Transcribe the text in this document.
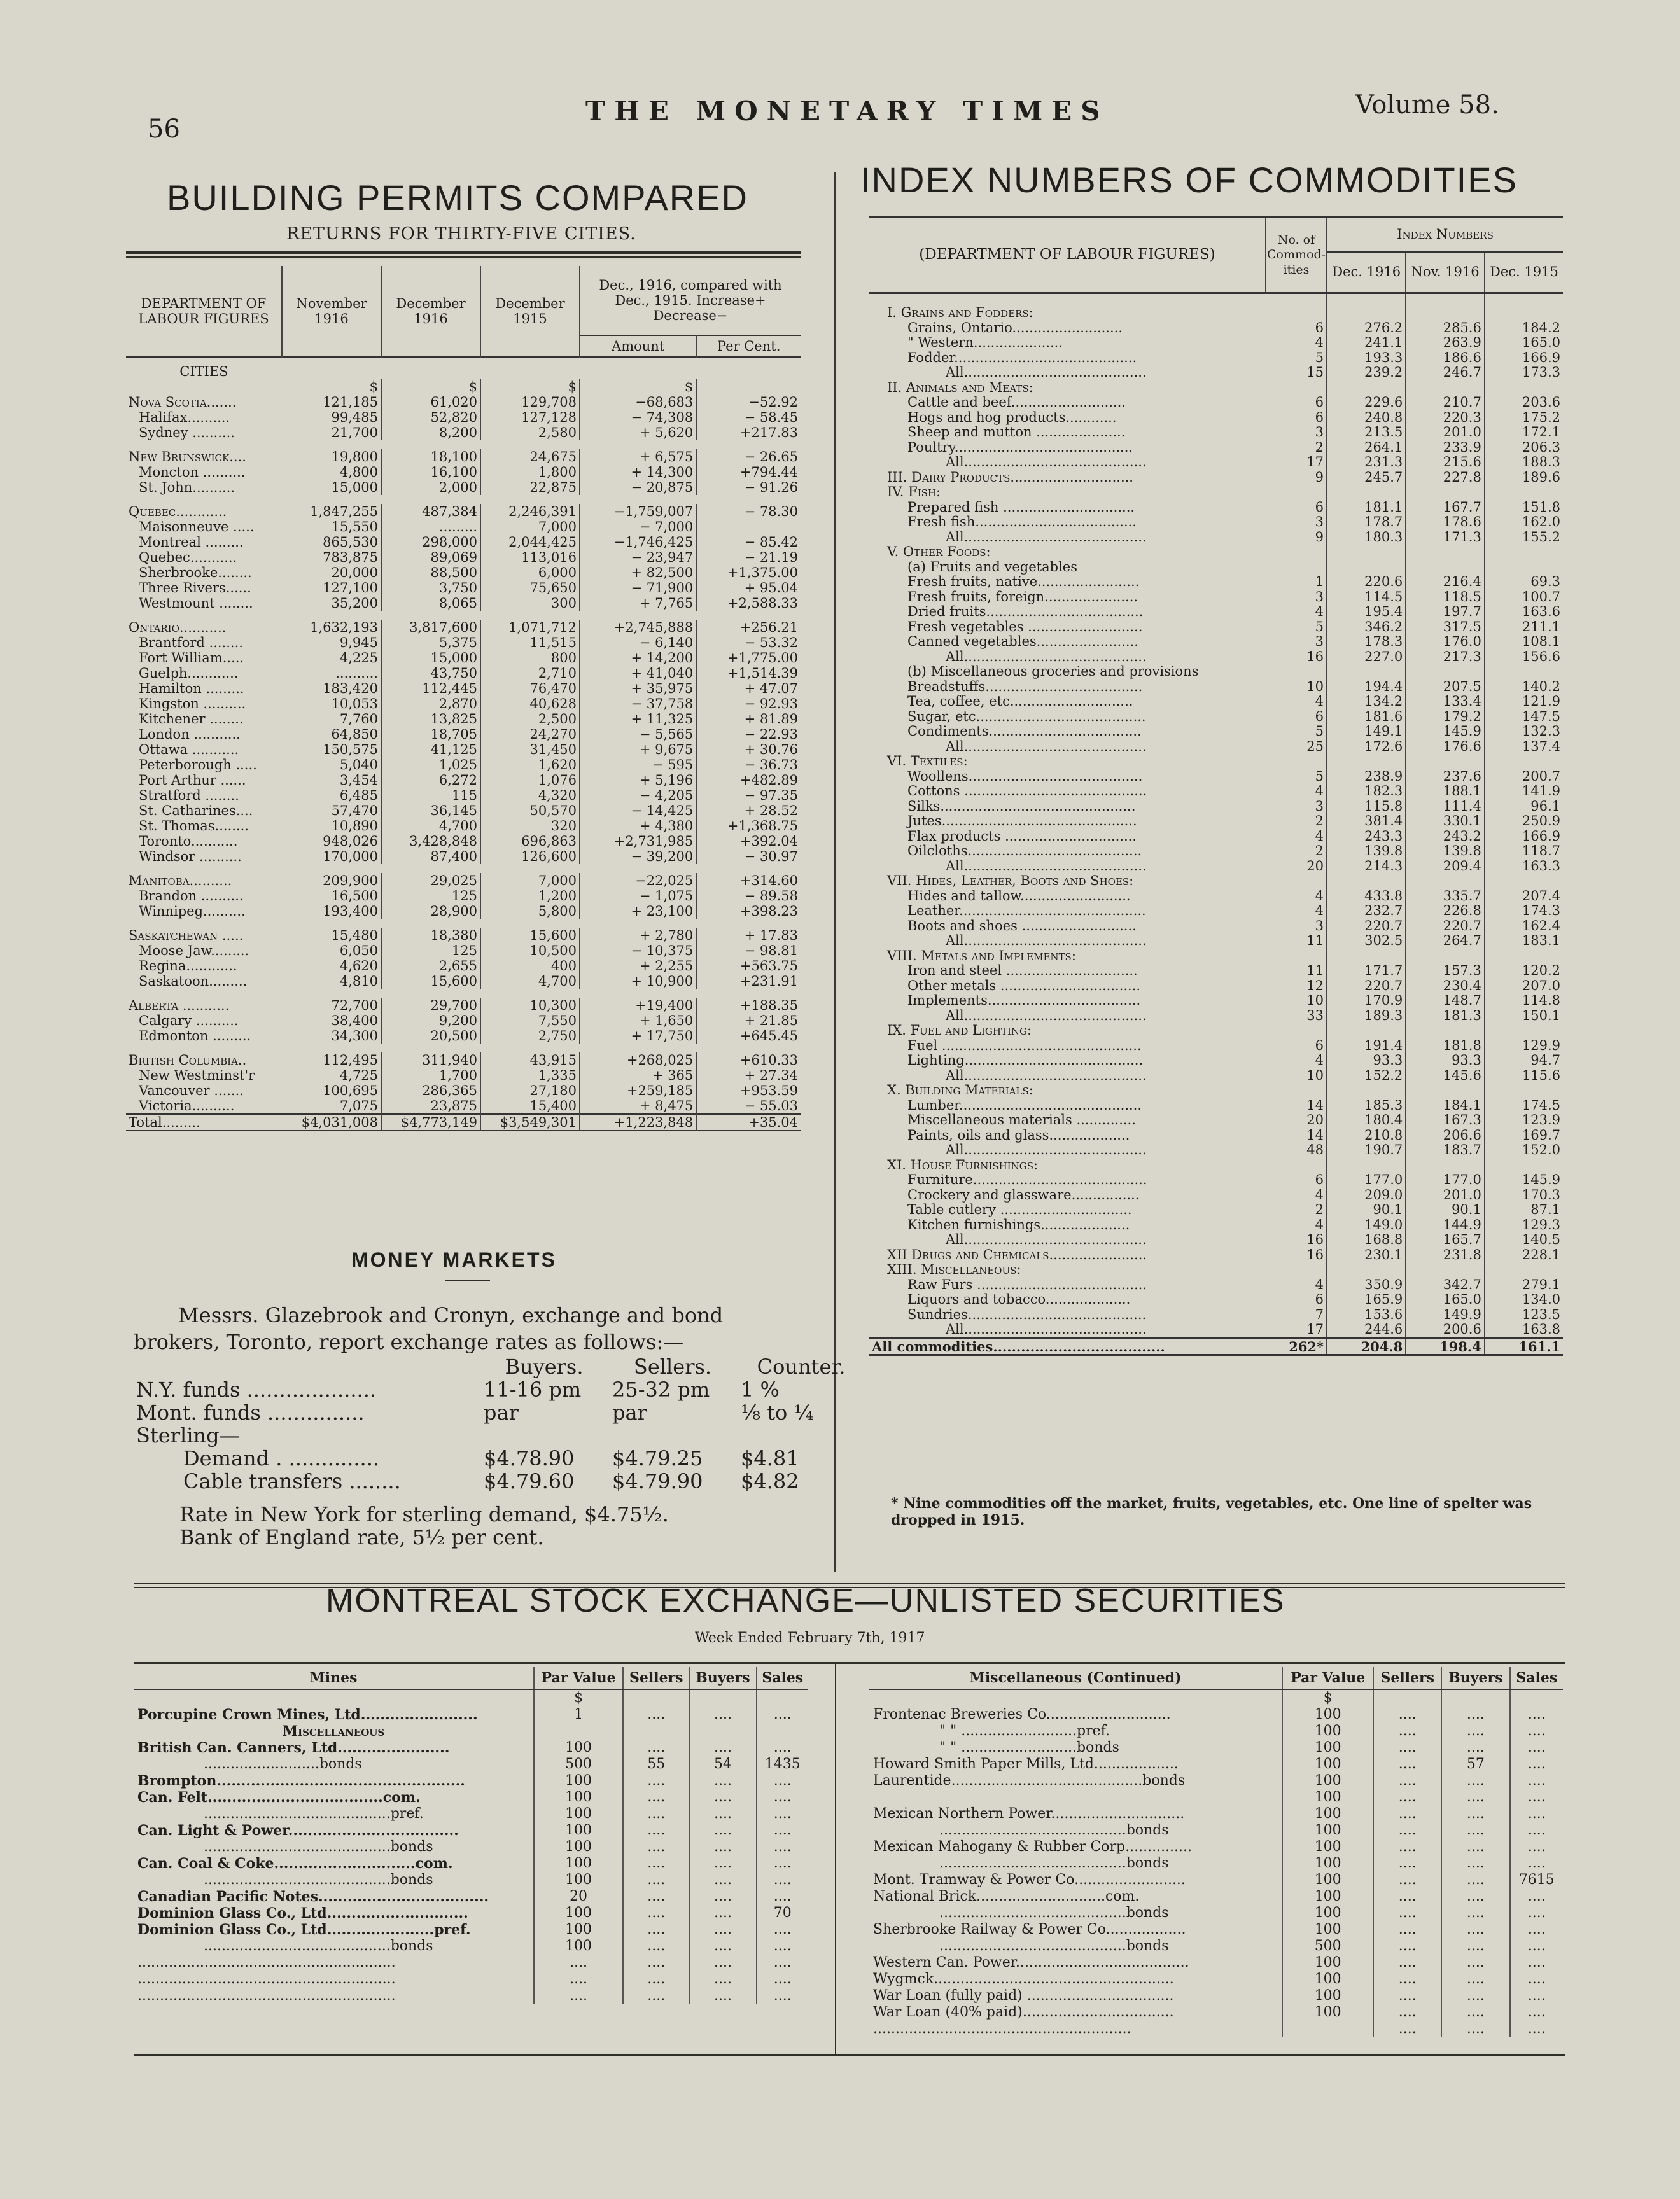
56
THE MONETARY TIMES	Volume 58.
BUILDING PERMITS COMPARED
RETURNS FOR THIRTY-FIVE CITIES.
DEPARTMENT OF LABOUR FIGURES	November 1916	December 1916	December 1915	Dec., 1916, compared with Dec., 1915. Increase+ Decrease−	
				Amount	Per Cent.
CITIES					
	$	$	$	$	
Nova Scotia.......	121,185	61,020	129,708	−68,683	−52.92
Halifax..........	99,485	52,820	127,128	− 74,308	− 58.45
Sydney ..........	21,700	8,200	2,580	+ 5,620	+217.83

New Brunswick....	19,800	18,100	24,675	+ 6,575	− 26.65
Moncton ..........	4,800	16,100	1,800	+ 14,300	+794.44
St. John..........	15,000	2,000	22,875	− 20,875	− 91.26

Quebec............	1,847,255	487,384	2,246,391	−1,759,007	− 78.30
Maisonneuve .....	15,550	.........	7,000	− 7,000	
Montreal .........	865,530	298,000	2,044,425	−1,746,425	− 85.42
Quebec...........	783,875	89,069	113,016	− 23,947	− 21.19
Sherbrooke........	20,000	88,500	6,000	+ 82,500	+1,375.00
Three Rivers......	127,100	3,750	75,650	− 71,900	+ 95.04
Westmount ........	35,200	8,065	300	+ 7,765	+2,588.33

Ontario...........	1,632,193	3,817,600	1,071,712	+2,745,888	+256.21
Brantford ........	9,945	5,375	11,515	− 6,140	− 53.32
Fort William.....	4,225	15,000	800	+ 14,200	+1,775.00
Guelph............	..........	43,750	2,710	+ 41,040	+1,514.39
Hamilton .........	183,420	112,445	76,470	+ 35,975	+ 47.07
Kingston ..........	10,053	2,870	40,628	− 37,758	− 92.93
Kitchener ........	7,760	13,825	2,500	+ 11,325	+ 81.89
London ...........	64,850	18,705	24,270	− 5,565	− 22.93
Ottawa ...........	150,575	41,125	31,450	+ 9,675	+ 30.76
Peterborough .....	5,040	1,025	1,620	− 595	− 36.73
Port Arthur ......	3,454	6,272	1,076	+ 5,196	+482.89
Stratford ........	6,485	115	4,320	− 4,205	− 97.35
St. Catharines....	57,470	36,145	50,570	− 14,425	+ 28.52
St. Thomas........	10,890	4,700	320	+ 4,380	+1,368.75
Toronto...........	948,026	3,428,848	696,863	+2,731,985	+392.04
Windsor ..........	170,000	87,400	126,600	− 39,200	− 30.97

Manitoba..........	209,900	29,025	7,000	−22,025	+314.60
Brandon ..........	16,500	125	1,200	− 1,075	− 89.58
Winnipeg..........	193,400	28,900	5,800	+ 23,100	+398.23

Saskatchewan .....	15,480	18,380	15,600	+ 2,780	+ 17.83
Moose Jaw.........	6,050	125	10,500	− 10,375	− 98.81
Regina............	4,620	2,655	400	+ 2,255	+563.75
Saskatoon.........	4,810	15,600	4,700	+ 10,900	+231.91

Alberta ...........	72,700	29,700	10,300	+19,400	+188.35
Calgary ..........	38,400	9,200	7,550	+ 1,650	+ 21.85
Edmonton .........	34,300	20,500	2,750	+ 17,750	+645.45

British Columbia..	112,495	311,940	43,915	+268,025	+610.33
New Westminst'r	4,725	1,700	1,335	+ 365	+ 27.34
Vancouver .......	100,695	286,365	27,180	+259,185	+953.59
Victoria..........	7,075	23,875	15,400	+ 8,475	− 55.03
Total.........	$4,031,008	$4,773,149	$3,549,301	+1,223,848	+35.04
MONEY MARKETS
Messrs. Glazebrook and Cronyn, exchange and bond brokers, Toronto, report exchange rates as follows:—
	Buyers.	Sellers.	Counter.
N.Y. funds ....................	11-16 pm	25-32 pm	1 %
Mont. funds ...............	par	par	⅛ to ¼
Sterling—			
Demand . ..............	$4.78.90	$4.79.25	$4.81
Cable transfers ........	$4.79.60	$4.79.90	$4.82
Rate in New York for sterling demand, $4.75½.
Bank of England rate, 5½ per cent.
INDEX NUMBERS OF COMMODITIES
(DEPARTMENT OF LABOUR FIGURES)	No. of Commod-ities	Index Numbers		
		Dec. 1916	Nov. 1916	Dec. 1915

I. Grains and Fodders:				
Grains, Ontario..........................	6	276.2	285.6	184.2
" Western.....................	4	241.1	263.9	165.0
Fodder...........................................	5	193.3	186.6	166.9
All...........................................	15	239.2	246.7	173.3
II. Animals and Meats:				
Cattle and beef...........................	6	229.6	210.7	203.6
Hogs and hog products............	6	240.8	220.3	175.2
Sheep and mutton .....................	3	213.5	201.0	172.1
Poultry..........................................	2	264.1	233.9	206.3
All...........................................	17	231.3	215.6	188.3
III. Dairy Products.............................	9	245.7	227.8	189.6
IV. Fish:				
Prepared fish ...............................	6	181.1	167.7	151.8
Fresh fish......................................	3	178.7	178.6	162.0
All...........................................	9	180.3	171.3	155.2
V. Other Foods:				
(a) Fruits and vegetables				
Fresh fruits, native........................	1	220.6	216.4	69.3
Fresh fruits, foreign......................	3	114.5	118.5	100.7
Dried fruits.....................................	4	195.4	197.7	163.6
Fresh vegetables ...........................	5	346.2	317.5	211.1
Canned vegetables........................	3	178.3	176.0	108.1
All...........................................	16	227.0	217.3	156.6
(b) Miscellaneous groceries and provisions				
Breadstuffs.....................................	10	194.4	207.5	140.2
Tea, coffee, etc.............................	4	134.2	133.4	121.9
Sugar, etc........................................	6	181.6	179.2	147.5
Condiments....................................	5	149.1	145.9	132.3
All...........................................	25	172.6	176.6	137.4
VI. Textiles:				
Woollens.........................................	5	238.9	237.6	200.7
Cottons ...........................................	4	182.3	188.1	141.9
Silks..............................................	3	115.8	111.4	96.1
Jutes..............................................	2	381.4	330.1	250.9
Flax products ...............................	4	243.3	243.2	166.9
Oilcloths.........................................	2	139.8	139.8	118.7
All...........................................	20	214.3	209.4	163.3
VII. Hides, Leather, Boots and Shoes:				
Hides and tallow..........................	4	433.8	335.7	207.4
Leather............................................	4	232.7	226.8	174.3
Boots and shoes ...........................	3	220.7	220.7	162.4
All...........................................	11	302.5	264.7	183.1
VIII. Metals and Implements:				
Iron and steel ...............................	11	171.7	157.3	120.2
Other metals .................................	12	220.7	230.4	207.0
Implements....................................	10	170.9	148.7	114.8
All...........................................	33	189.3	181.3	150.1
IX. Fuel and Lighting:				
Fuel ...............................................	6	191.4	181.8	129.9
Lighting..........................................	4	93.3	93.3	94.7
All...........................................	10	152.2	145.6	115.6
X. Building Materials:				
Lumber...........................................	14	185.3	184.1	174.5
Miscellaneous materials ..............	20	180.4	167.3	123.9
Paints, oils and glass...................	14	210.8	206.6	169.7
All...........................................	48	190.7	183.7	152.0
XI. House Furnishings:				
Furniture.........................................	6	177.0	177.0	145.9
Crockery and glassware................	4	209.0	201.0	170.3
Table cutlery ...............................	2	90.1	90.1	87.1
Kitchen furnishings.....................	4	149.0	144.9	129.3
All...........................................	16	168.8	165.7	140.5
XII Drugs and Chemicals.......................	16	230.1	231.8	228.1
XIII. Miscellaneous:				
Raw Furs ........................................	4	350.9	342.7	279.1
Liquors and tobacco....................	6	165.9	165.0	134.0
Sundries..........................................	7	153.6	149.9	123.5
All...........................................	17	244.6	200.6	163.8
All commodities.....................................	262*	204.8	198.4	161.1
* Nine commodities off the market, fruits, vegetables, etc. One line of spelter was dropped in 1915.
MONTREAL STOCK EXCHANGE—UNLISTED SECURITIES
Week Ended February 7th, 1917
Mines	Par Value	Sellers	Buyers	Sales
	$			
Porcupine Crown Mines, Ltd........................	1	....	....	....
Miscellaneous				

British Can. Canners, Ltd.......................	100	....	....	....
..........................bonds	500	55	54	1435
Brompton...................................................	100	....	....	....
Can. Felt....................................com.	100	....	....	....
..........................................pref.	100	....	....	....
Can. Light & Power...................................	100	....	....	....
..........................................bonds	100	....	....	....
Can. Coal & Coke.............................com.	100	....	....	....
..........................................bonds	100	....	....	....
Canadian Pacific Notes...................................	20	....	....	....
Dominion Glass Co., Ltd.............................	100	....	....	70
Dominion Glass Co., Ltd......................pref.	100	....	....	....
..........................................bonds	100	....	....	....
..........................................................	....	....	....	....
..........................................................	....	....	....	....
..........................................................	....	....	....	....
Miscellaneous (Continued)	Par Value	Sellers	Buyers	Sales
	$			
Frontenac Breweries Co............................	100	....	....	....
" " ..........................pref.	100	....	....	....
" " ..........................bonds	100	....	....	....
Howard Smith Paper Mills, Ltd...................	100	....	57	....
Laurentide...........................................bonds	100	....	....	....
	100	....	....	....
Mexican Northern Power..............................	100	....	....	....
..........................................bonds	100	....	....	....
Mexican Mahogany & Rubber Corp...............	100	....	....	....
..........................................bonds	100	....	....	....
Mont. Tramway & Power Co.........................	100	....	....	7615
National Brick.............................com.	100	....	....	....
..........................................bonds	100	....	....	....
Sherbrooke Railway & Power Co..................	100	....	....	....
..........................................bonds	500	....	....	....
Western Can. Power.......................................	100	....	....	....
Wygmck......................................................	100	....	....	....
War Loan (fully paid) .................................	100	....	....	....
War Loan (40% paid)..................................	100	....	....	....
..........................................................		....	....	....
